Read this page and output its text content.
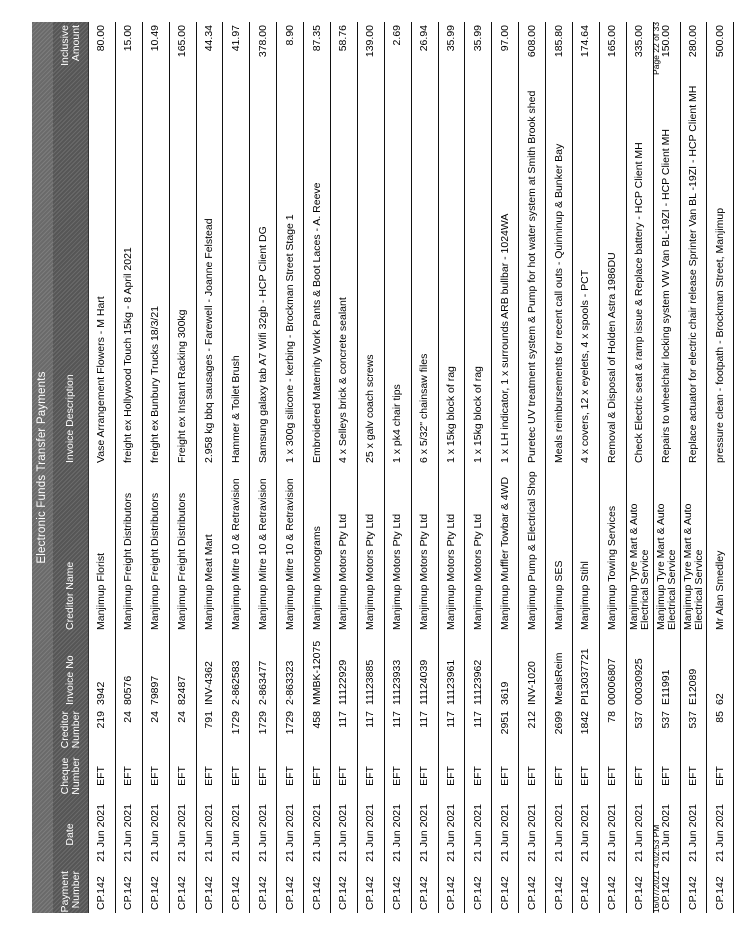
Electronic Funds Transfer Payments
Payment Number
Date
Cheque Number
Creditor Number
Invoice No
Creditor Name
Invoice Description
Inclusive Amount
CP.142
21 Jun 2021
EFT
219
3942
Manjimup Florist
Vase Arrangement Flowers - M Hart
80.00
CP.142
21 Jun 2021
EFT
24
80576
Manjimup Freight Distributors
freight ex Hollywood Touch 15kg - 8 April 2021
15.00
CP.142
21 Jun 2021
EFT
24
79897
Manjimup Freight Distributors
freight ex Bunbury Trucks 18/3/21
10.49
CP.142
21 Jun 2021
EFT
24
82487
Manjimup Freight Distributors
Freight ex Instant Racking 300kg
165.00
CP.142
21 Jun 2021
EFT
791
INV-4362
Manjimup Meat Mart
2.958 kg bbq sausages - Farewell - Joanne Felstead
44.34
CP.142
21 Jun 2021
EFT
1729
2-862583
Manjimup Mitre 10 & Retravision
Hammer & Toilet Brush
41.97
CP.142
21 Jun 2021
EFT
1729
2-863477
Manjimup Mitre 10 & Retravision
Samsung galaxy tab A7 Wifi 32gb - HCP Client DG
378.00
CP.142
21 Jun 2021
EFT
1729
2-863323
Manjimup Mitre 10 & Retravision
1 x 300g silicone - kerbing - Brockman Street Stage 1
8.90
CP.142
21 Jun 2021
EFT
458
MMBK-12075
Manjimup Monograms
Embroidered Maternity Work Pants & Boot Laces - A. Reeve
87.35
CP.142
21 Jun 2021
EFT
117
11122929
Manjimup Motors Pty Ltd
4 x Selleys brick & concrete sealant
58.76
CP.142
21 Jun 2021
EFT
117
11123885
Manjimup Motors Pty Ltd
25 x galv coach screws
139.00
CP.142
21 Jun 2021
EFT
117
11123933
Manjimup Motors Pty Ltd
1 x pk4 chair tips
2.69
CP.142
21 Jun 2021
EFT
117
11124039
Manjimup Motors Pty Ltd
6 x 5/32" chainsaw files
26.94
CP.142
21 Jun 2021
EFT
117
11123961
Manjimup Motors Pty Ltd
1 x 15kg block of rag
35.99
CP.142
21 Jun 2021
EFT
117
11123962
Manjimup Motors Pty Ltd
1 x 15kg block of rag
35.99
CP.142
21 Jun 2021
EFT
2951
3619
Manjimup Muffler Towbar & 4WD
1 x LH indicator, 1 x surrounds ARB bullbar - 1024WA
97.00
CP.142
21 Jun 2021
EFT
212
INV-1020
Manjimup Pump & Electrical Shop
Puretec UV treatment system & Pump for hot water system at Smith Brook shed
608.00
CP.142
21 Jun 2021
EFT
2699
MealsReim
Manjimup SES
Meals reimbursements for recent call outs - Quinninup & Bunker Bay
185.80
CP.142
21 Jun 2021
EFT
1842
PI13037721
Manjimup Stihl
4 x covers, 12 x eyelets, 4 x spools - PCT
174.64
CP.142
21 Jun 2021
EFT
78
00006807
Manjimup Towing Services
Removal & Disposal of Holden Astra 1986DU
165.00
CP.142
21 Jun 2021
EFT
537
00030925
Manjimup Tyre Mart & Auto Electrical Service
Check Electric seat & ramp issue & Replace battery - HCP Client MH
335.00
CP.142
21 Jun 2021
EFT
537
E11991
Manjimup Tyre Mart & Auto Electrical Service
Repairs to wheelchair locking system VW Van BL-19ZI - HCP Client MH
150.00
CP.142
21 Jun 2021
EFT
537
E12089
Manjimup Tyre Mart & Auto Electrical Service
Replace actuator for electric chair release Sprinter Van BL -19ZI - HCP Client MH
280.00
CP.142
21 Jun 2021
EFT
85
62
Mr Alan Smedley
pressure clean - footpath - Brockman Street, Manjimup
500.00
16/07/2021 4:02:53 PM
Page 22 of 33
